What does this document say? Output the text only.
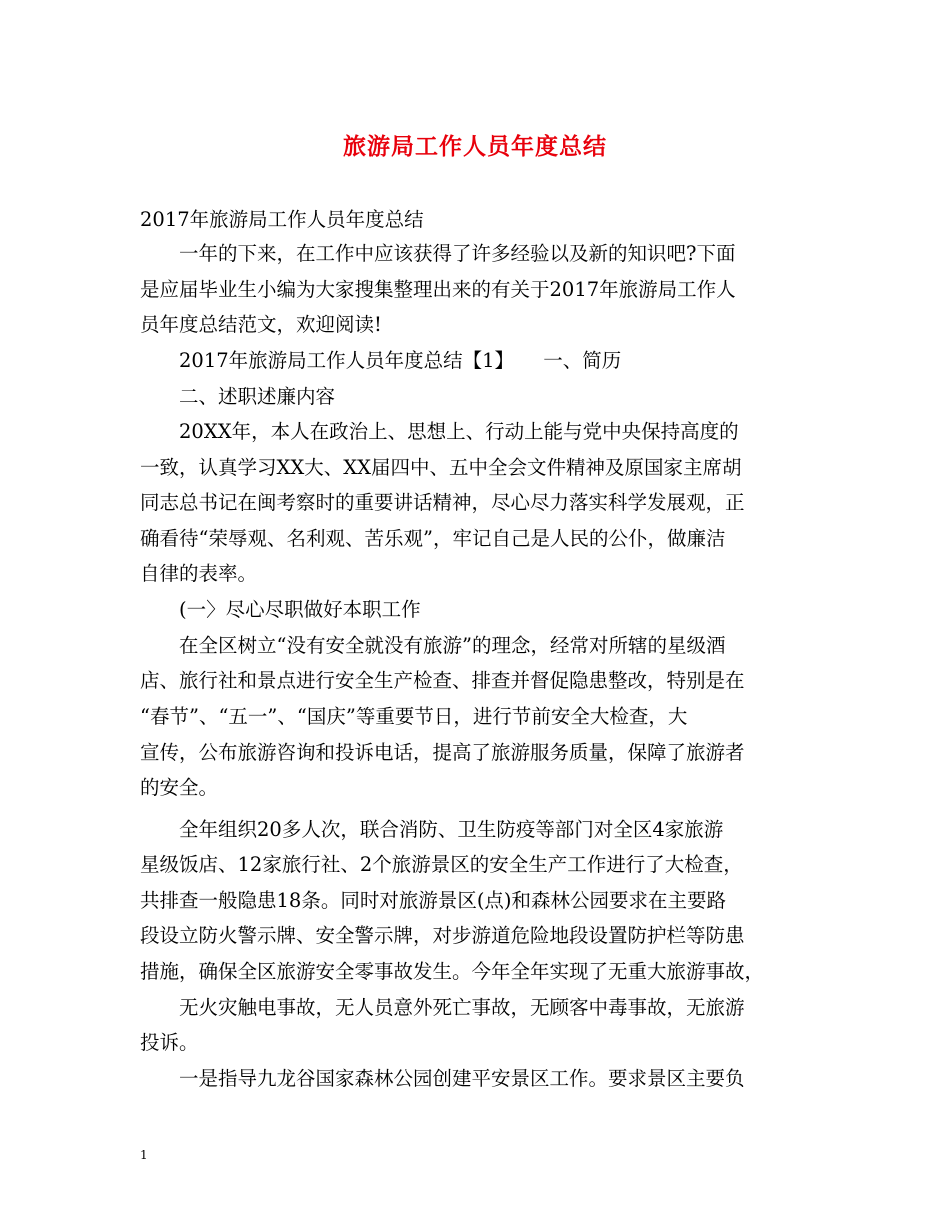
旅游局工作人员年度总结
2017年旅游局工作人员年度总结
　　一年的下来，在工作中应该获得了许多经验以及新的知识吧?下面
是应届毕业生小编为大家搜集整理出来的有关于2017年旅游局工作人
员年度总结范文，欢迎阅读!
　　2017年旅游局工作人员年度总结【1】　　一、简历
　　二、述职述廉内容
　　20XX年，本人在政治上、思想上、行动上能与党中央保持高度的
一致，认真学习XX大、XX届四中、五中全会文件精神及原国家主席胡
同志总书记在闽考察时的重要讲话精神，尽心尽力落实科学发展观，正
确看待“荣辱观、名利观、苦乐观”，牢记自己是人民的公仆，做廉洁
自律的表率。
　　(一〉尽心尽职做好本职工作
　　在全区树立“没有安全就没有旅游”的理念，经常对所辖的星级酒
店、旅行社和景点进行安全生产检查、排查并督促隐患整改，特别是在
“春节”、“五一”、“国庆”等重要节日，进行节前安全大检查，大
宣传，公布旅游咨询和投诉电话，提高了旅游服务质量，保障了旅游者
的安全。
　　全年组织20多人次，联合消防、卫生防疫等部门对全区4家旅游
星级饭店、12家旅行社、2个旅游景区的安全生产工作进行了大检查，
共排查一般隐患18条。同时对旅游景区(点)和森林公园要求在主要路
段设立防火警示牌、安全警示牌，对步游道危险地段设置防护栏等防患
措施，确保全区旅游安全零事故发生。今年全年实现了无重大旅游事故，
　　无火灾触电事故，无人员意外死亡事故，无顾客中毒事故，无旅游
投诉。
　　一是指导九龙谷国家森林公园创建平安景区工作。要求景区主要负
1
